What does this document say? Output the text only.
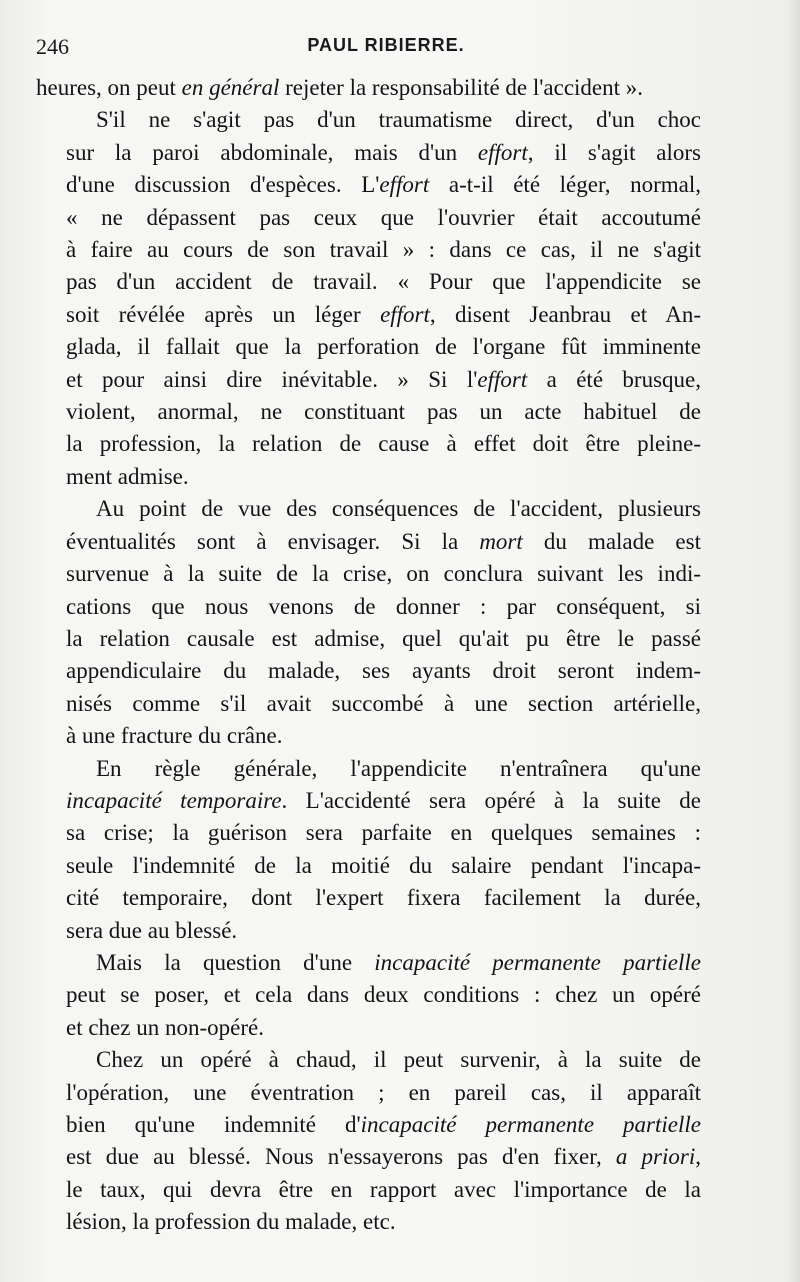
246	PAUL RIBIERRE.

heures, on peut en général rejeter la responsabilité de l'accident ».

S'il ne s'agit pas d'un traumatisme direct, d'un choc
sur la paroi abdominale, mais d'un effort, il s'agit alors
d'une discussion d'espèces. L'effort a-t-il été léger, normal,
« ne dépassent pas ceux que l'ouvrier était accoutumé
à faire au cours de son travail » : dans ce cas, il ne s'agit
pas d'un accident de travail. « Pour que l'appendicite se
soit révélée après un léger effort, disent Jeanbrau et An-
glada, il fallait que la perforation de l'organe fût imminente
et pour ainsi dire inévitable. » Si l'effort a été brusque,
violent, anormal, ne constituant pas un acte habituel de
la profession, la relation de cause à effet doit être pleine-
ment admise.

Au point de vue des conséquences de l'accident, plusieurs
éventualités sont à envisager. Si la mort du malade est
survenue à la suite de la crise, on conclura suivant les indi-
cations que nous venons de donner : par conséquent, si
la relation causale est admise, quel qu'ait pu être le passé
appendiculaire du malade, ses ayants droit seront indem-
nisés comme s'il avait succombé à une section artérielle,
à une fracture du crâne.

En règle générale, l'appendicite n'entraînera qu'une
incapacité temporaire. L'accidenté sera opéré à la suite de
sa crise; la guérison sera parfaite en quelques semaines :
seule l'indemnité de la moitié du salaire pendant l'incapa-
cité temporaire, dont l'expert fixera facilement la durée,
sera due au blessé.

Mais la question d'une incapacité permanente partielle
peut se poser, et cela dans deux conditions : chez un opéré
et chez un non-opéré.

Chez un opéré à chaud, il peut survenir, à la suite de
l'opération, une éventration ; en pareil cas, il apparaît
bien qu'une indemnité d'incapacité permanente partielle
est due au blessé. Nous n'essayerons pas d'en fixer, a priori,
le taux, qui devra être en rapport avec l'importance de la
lésion, la profession du malade, etc.
